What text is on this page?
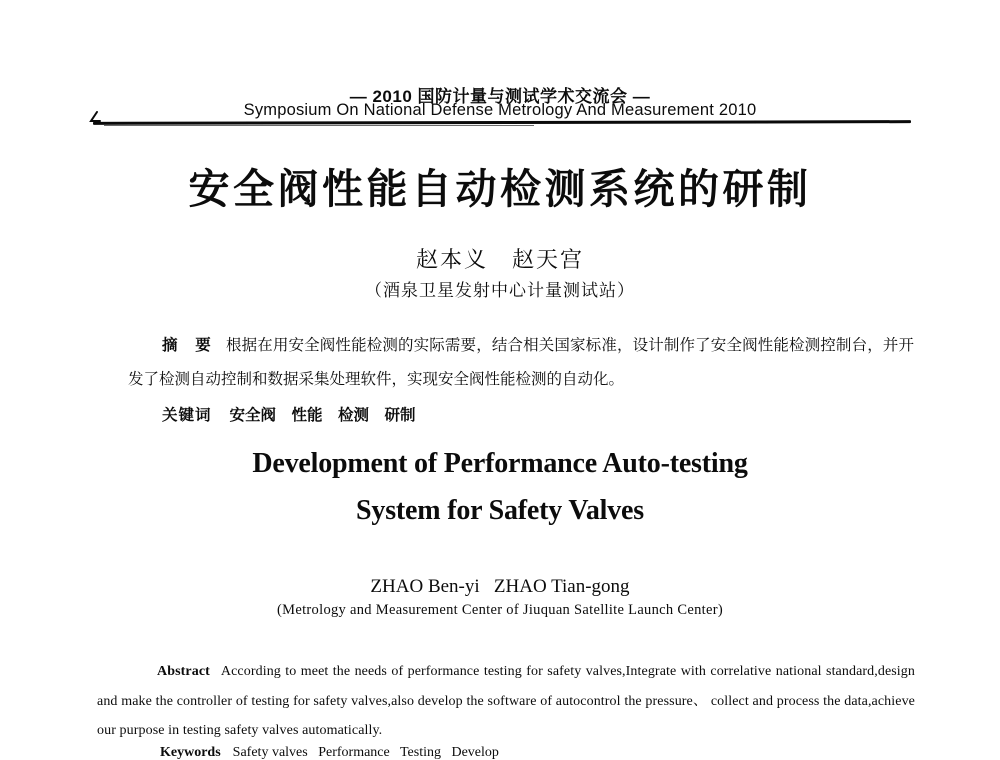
— 2010 国防计量与测试学术交流会 —
Symposium On National Defense Metrology And Measurement 2010
安全阀性能自动检测系统的研制
赵本义　赵天宫
（酒泉卫星发射中心计量测试站）

摘　要 根据在用安全阀性能检测的实际需要，结合相关国家标准，设计制作了安全阀性能检测控制台，并开发了检测自动控制和数据采集处理软件，实现安全阀性能检测的自动化。

关键词 安全阀　性能　检测　研制

Development of Performance Auto-testing
System for Safety Valves
ZHAO Ben-yi   ZHAO Tian-gong
(Metrology and Measurement Center of Jiuquan Satellite Launch Center)

Abstract According to meet the needs of performance testing for safety valves,Integrate with correlative national standard,design and make the controller of testing for safety valves,also develop the software of autocontrol the pressure、 collect and process the data,achieve our purpose in testing safety valves automatically.

Keywords Safety valves   Performance   Testing   Develop
